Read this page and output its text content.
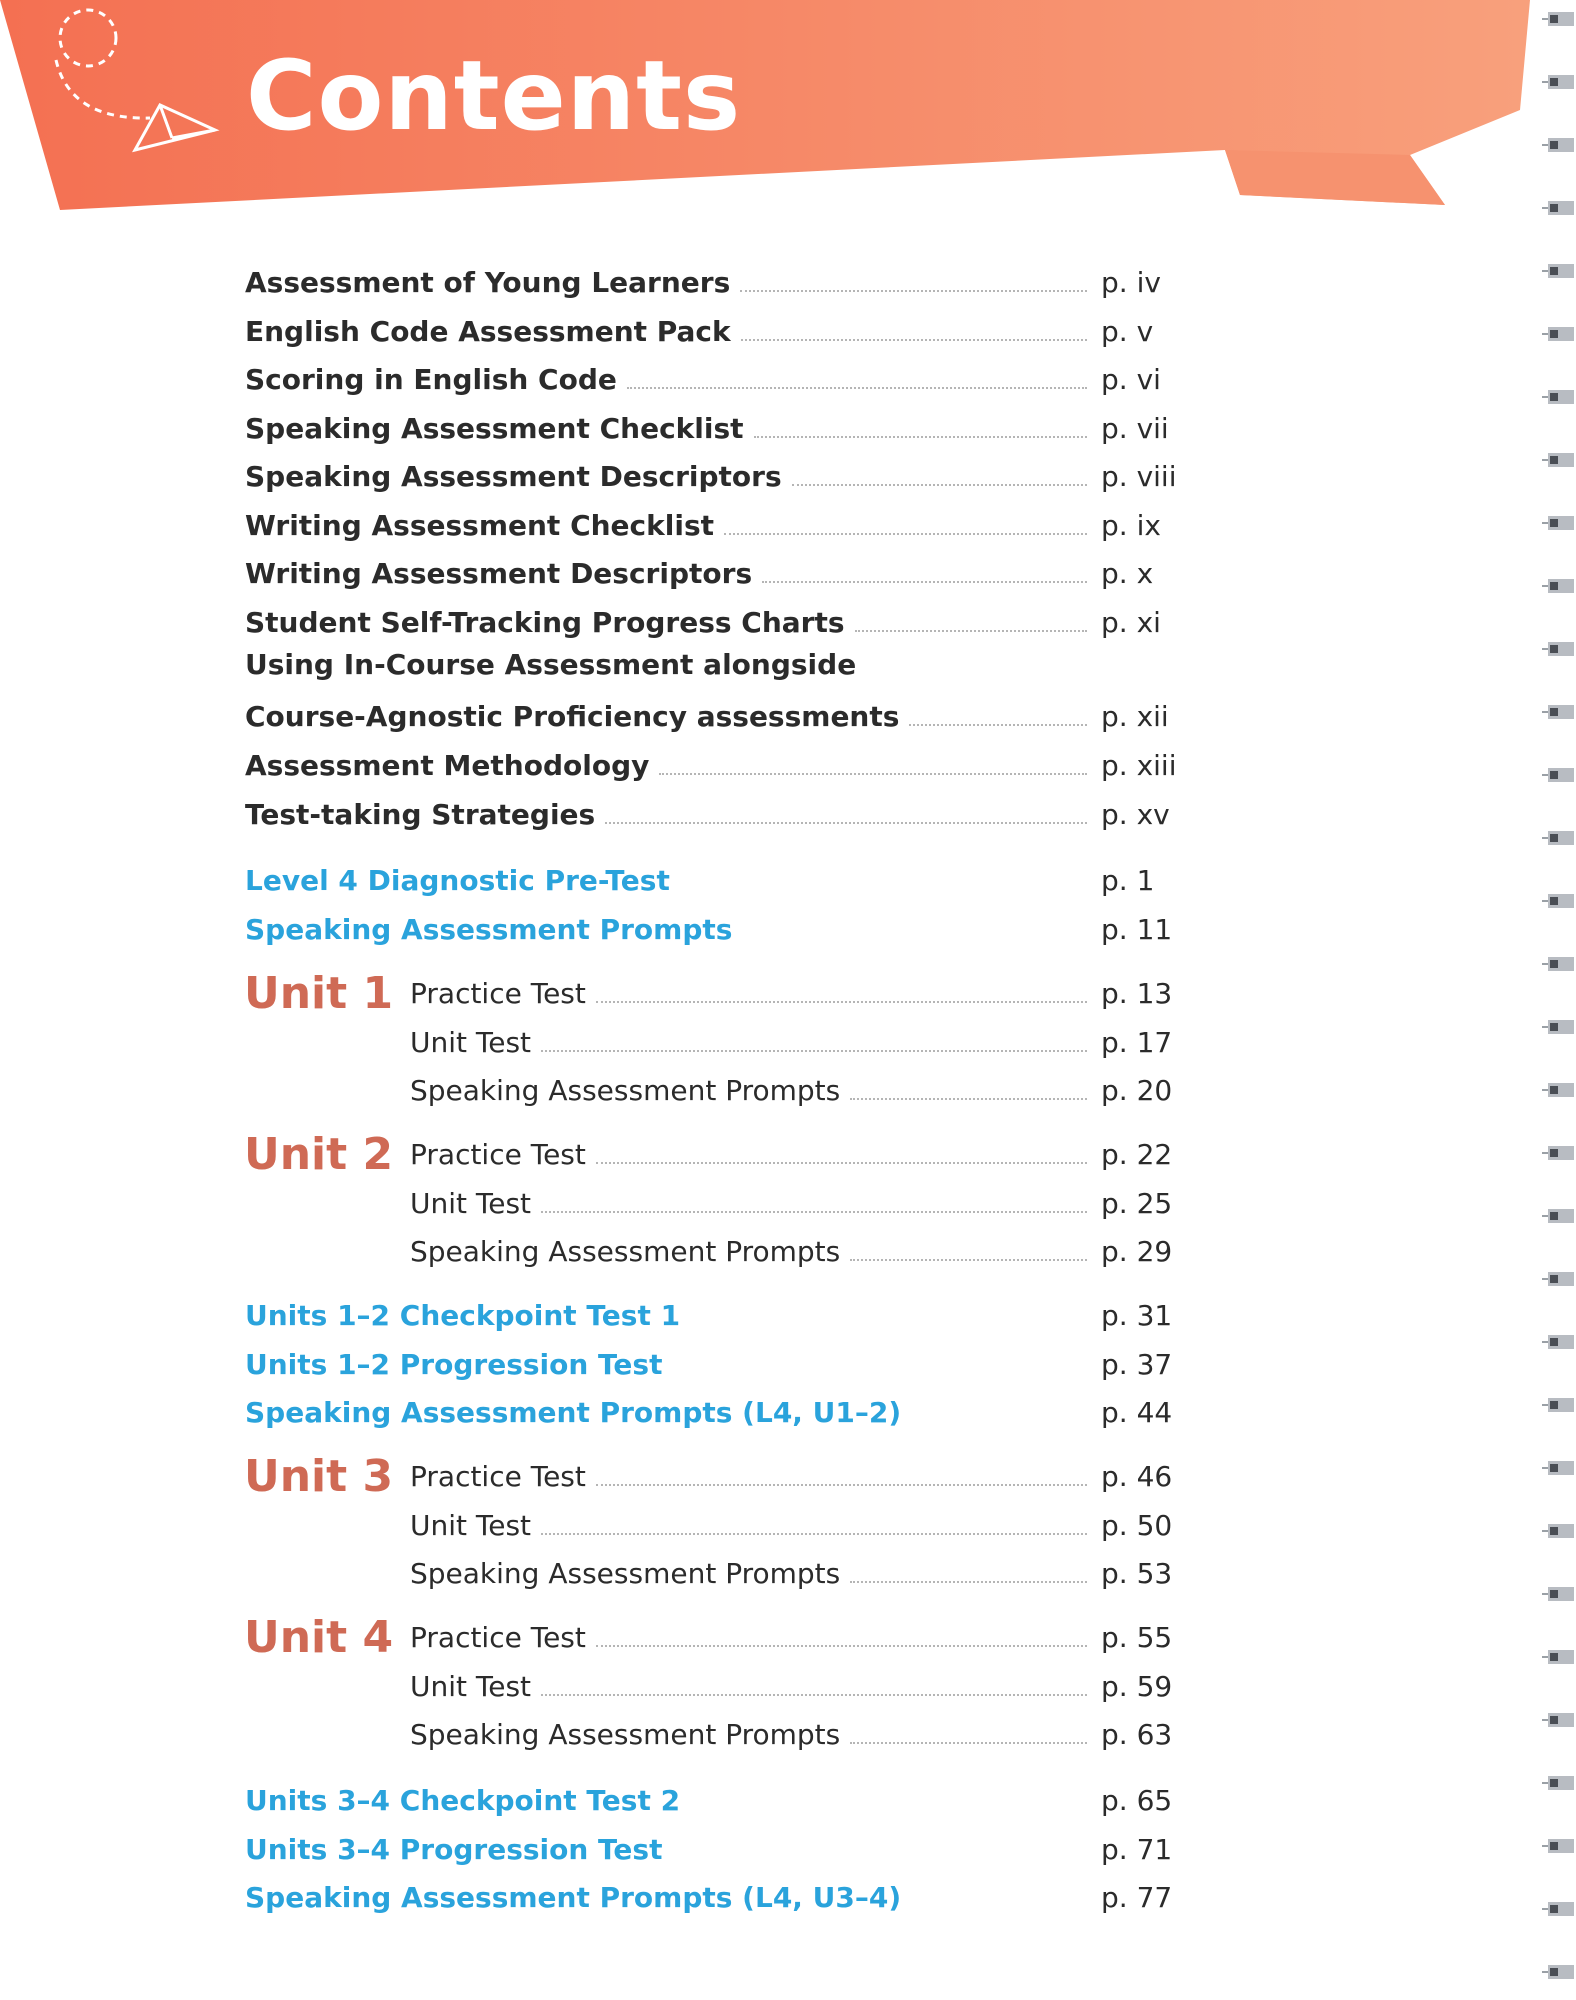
Contents
Assessment of Young Learners	p. iv
English Code Assessment Pack	p. v
Scoring in English Code	p. vi
Speaking Assessment Checklist	p. vii
Speaking Assessment Descriptors	p. viii
Writing Assessment Checklist	p. ix
Writing Assessment Descriptors	p. x
Student Self-Tracking Progress Charts	p. xi
Using In-Course Assessment alongside
Course-Agnostic Proficiency assessments	p. xii
Assessment Methodology	p. xiii
Test-taking Strategies	p. xv
Level 4 Diagnostic Pre-Test	p. 1
Speaking Assessment Prompts	p. 11
Unit 1 Practice Test	p. 13
Unit Test	p. 17
Speaking Assessment Prompts	p. 20
Unit 2 Practice Test	p. 22
Unit Test	p. 25
Speaking Assessment Prompts	p. 29
Units 1–2 Checkpoint Test 1	p. 31
Units 1–2 Progression Test	p. 37
Speaking Assessment Prompts (L4, U1–2)	p. 44
Unit 3 Practice Test	p. 46
Unit Test	p. 50
Speaking Assessment Prompts	p. 53
Unit 4 Practice Test	p. 55
Unit Test	p. 59
Speaking Assessment Prompts	p. 63
Units 3–4 Checkpoint Test 2	p. 65
Units 3–4 Progression Test	p. 71
Speaking Assessment Prompts (L4, U3–4)	p. 77
